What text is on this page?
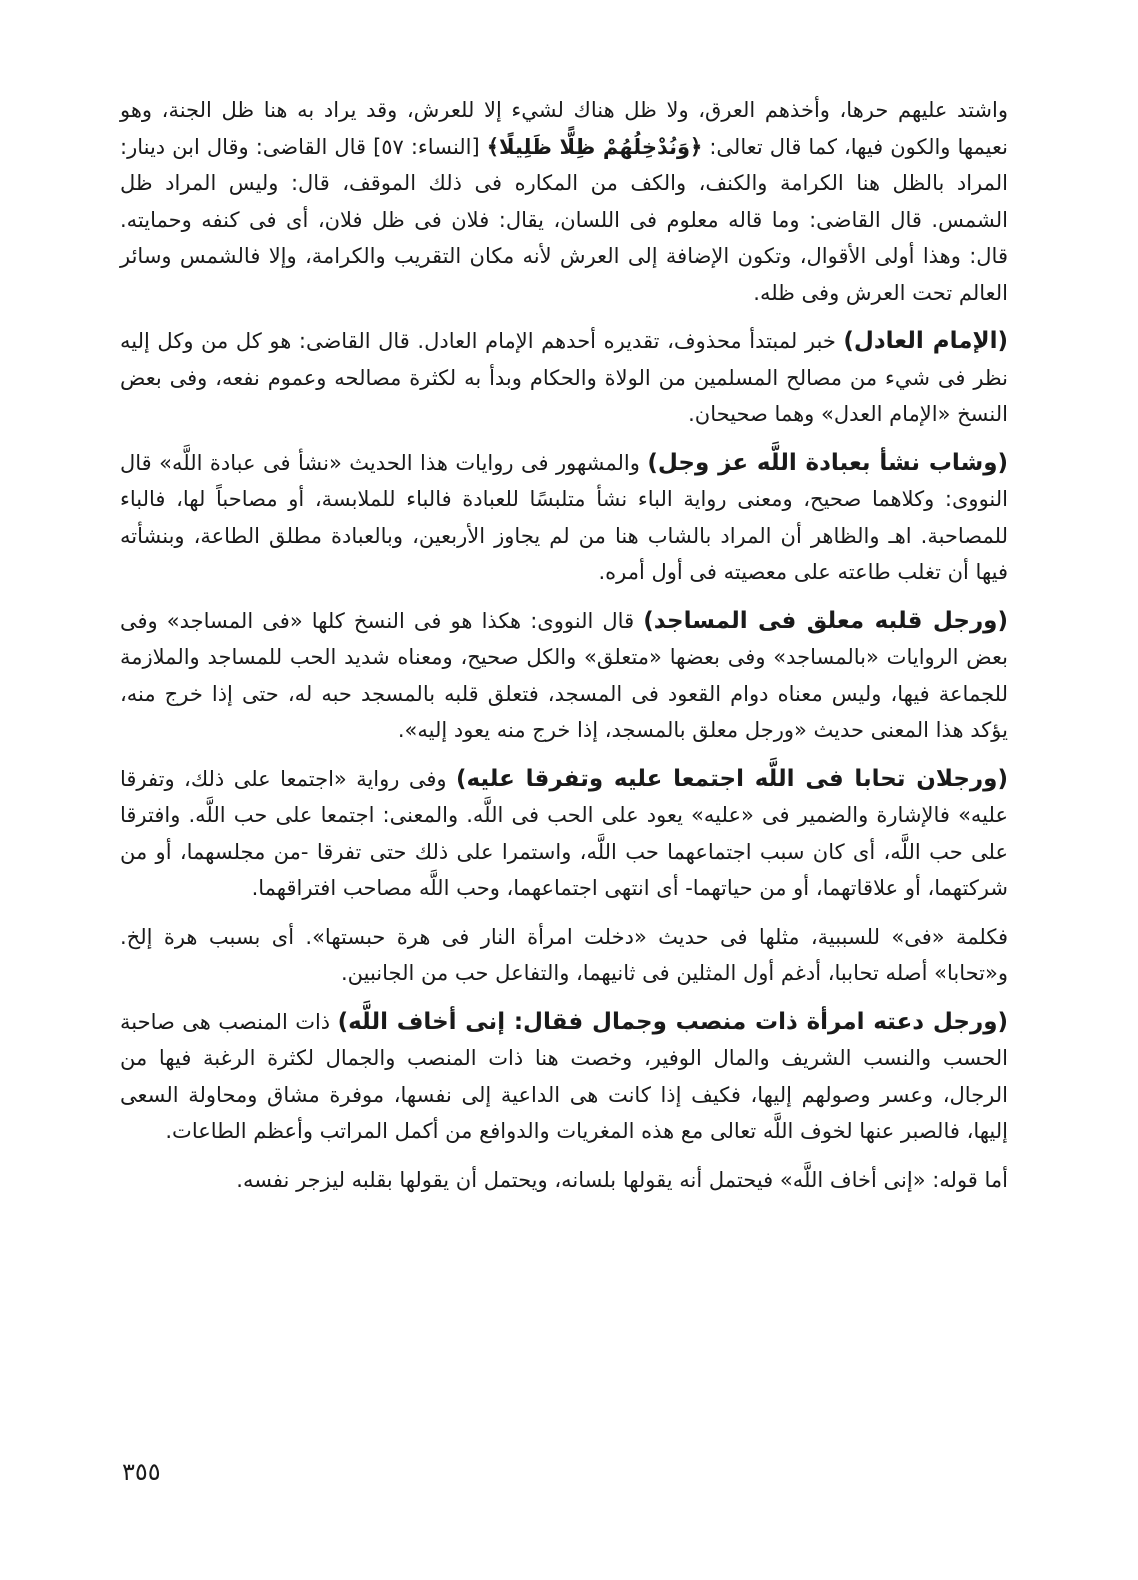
واشتد عليهم حرها، وأخذهم العرق، ولا ظل هناك لشيء إلا للعرش، وقد يراد به هنا ظل الجنة، وهو نعيمها والكون فيها، كما قال تعالى: ﴿وَنُدْخِلُهُمْ ظِلًّا ظَلِيلًا﴾ [النساء: ٥٧] قال القاضى: وقال ابن دينار: المراد بالظل هنا الكرامة والكنف، والكف من المكاره فى ذلك الموقف، قال: وليس المراد ظل الشمس. قال القاضى: وما قاله معلوم فى اللسان، يقال: فلان فى ظل فلان، أى فى كنفه وحمايته. قال: وهذا أولى الأقوال، وتكون الإضافة إلى العرش لأنه مكان التقريب والكرامة، وإلا فالشمس وسائر العالم تحت العرش وفى ظله.

(الإمام العادل) خبر لمبتدأ محذوف، تقديره أحدهم الإمام العادل. قال القاضى: هو كل من وكل إليه نظر فى شيء من مصالح المسلمين من الولاة والحكام وبدأ به لكثرة مصالحه وعموم نفعه، وفى بعض النسخ «الإمام العدل» وهما صحيحان.

(وشاب نشأ بعبادة اللَّه عز وجل) والمشهور فى روايات هذا الحديث «نشأ فى عبادة اللَّه» قال النووى: وكلاهما صحيح، ومعنى رواية الباء نشأ متلبسًا للعبادة فالباء للملابسة، أو مصاحباً لها، فالباء للمصاحبة. اهـ والظاهر أن المراد بالشاب هنا من لم يجاوز الأربعين، وبالعبادة مطلق الطاعة، وبنشأته فيها أن تغلب طاعته على معصيته فى أول أمره.

(ورجل قلبه معلق فى المساجد) قال النووى: هكذا هو فى النسخ كلها «فى المساجد» وفى بعض الروايات «بالمساجد» وفى بعضها «متعلق» والكل صحيح، ومعناه شديد الحب للمساجد والملازمة للجماعة فيها، وليس معناه دوام القعود فى المسجد، فتعلق قلبه بالمسجد حبه له، حتى إذا خرج منه، يؤكد هذا المعنى حديث «ورجل معلق بالمسجد، إذا خرج منه يعود إليه».

(ورجلان تحابا فى اللَّه اجتمعا عليه وتفرقا عليه) وفى رواية «اجتمعا على ذلك، وتفرقا عليه» فالإشارة والضمير فى «عليه» يعود على الحب فى اللَّه. والمعنى: اجتمعا على حب اللَّه. وافترقا على حب اللَّه، أى كان سبب اجتماعهما حب اللَّه، واستمرا على ذلك حتى تفرقا -من مجلسهما، أو من شركتهما، أو علاقاتهما، أو من حياتهما- أى انتهى اجتماعهما، وحب اللَّه مصاحب افتراقهما.

فكلمة «فى» للسببية، مثلها فى حديث «دخلت امرأة النار فى هرة حبستها». أى بسبب هرة إلخ. و«تحابا» أصله تحاببا، أدغم أول المثلين فى ثانيهما، والتفاعل حب من الجانبين.

(ورجل دعته امرأة ذات منصب وجمال فقال: إنى أخاف اللَّه) ذات المنصب هى صاحبة الحسب والنسب الشريف والمال الوفير، وخصت هنا ذات المنصب والجمال لكثرة الرغبة فيها من الرجال، وعسر وصولهم إليها، فكيف إذا كانت هى الداعية إلى نفسها، موفرة مشاق ومحاولة السعى إليها، فالصبر عنها لخوف اللَّه تعالى مع هذه المغريات والدوافع من أكمل المراتب وأعظم الطاعات.

أما قوله: «إنى أخاف اللَّه» فيحتمل أنه يقولها بلسانه، ويحتمل أن يقولها بقلبه ليزجر نفسه.

٣٥٥
